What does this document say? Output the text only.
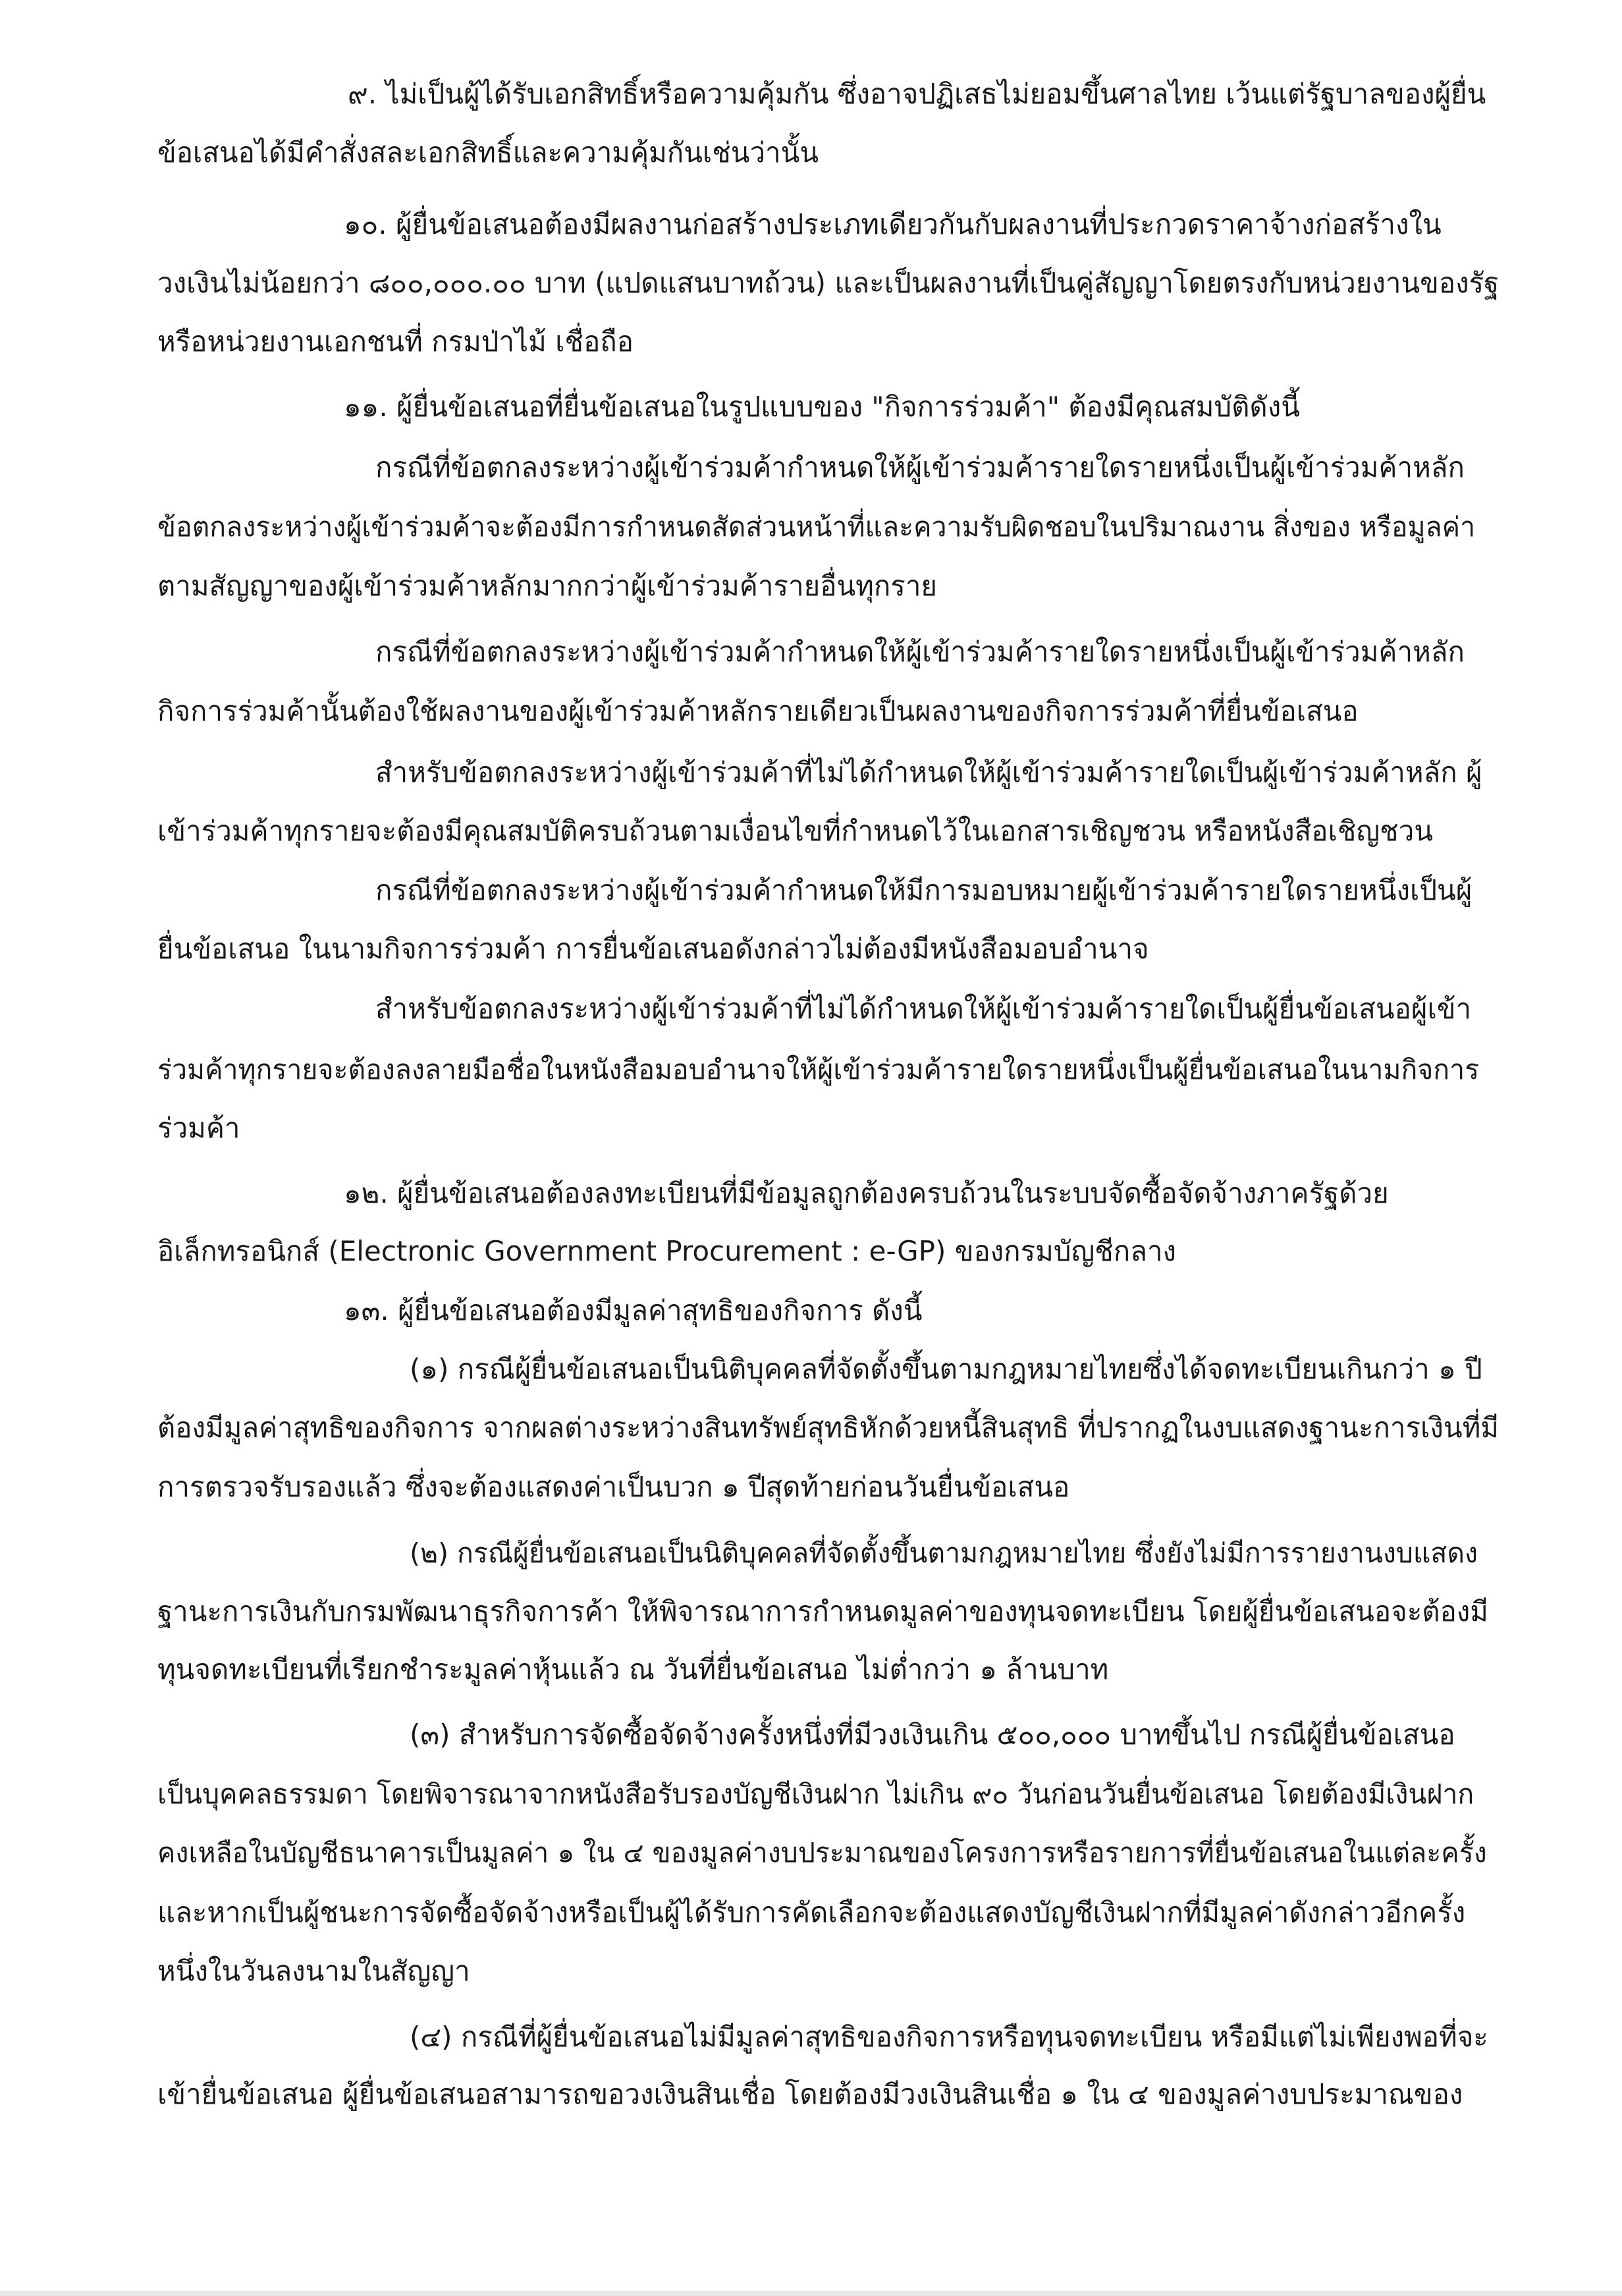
๙. ไม่เป็นผู้ได้รับเอกสิทธิ์หรือความคุ้มกัน ซึ่งอาจปฏิเสธไม่ยอมขึ้นศาลไทย เว้นแต่รัฐบาลของผู้ยื่น

ข้อเสนอได้มีคำสั่งสละเอกสิทธิ์และความคุ้มกันเช่นว่านั้น

๑๐. ผู้ยื่นข้อเสนอต้องมีผลงานก่อสร้างประเภทเดียวกันกับผลงานที่ประกวดราคาจ้างก่อสร้างใน

วงเงินไม่น้อยกว่า ๘๐๐,๐๐๐.๐๐ บาท (แปดแสนบาทถ้วน) และเป็นผลงานที่เป็นคู่สัญญาโดยตรงกับหน่วยงานของรัฐ

หรือหน่วยงานเอกชนที่ กรมป่าไม้ เชื่อถือ

๑๑. ผู้ยื่นข้อเสนอที่ยื่นข้อเสนอในรูปแบบของ "กิจการร่วมค้า" ต้องมีคุณสมบัติดังนี้

กรณีที่ข้อตกลงระหว่างผู้เข้าร่วมค้ากำหนดให้ผู้เข้าร่วมค้ารายใดรายหนึ่งเป็นผู้เข้าร่วมค้าหลัก

ข้อตกลงระหว่างผู้เข้าร่วมค้าจะต้องมีการกำหนดสัดส่วนหน้าที่และความรับผิดชอบในปริมาณงาน สิ่งของ หรือมูลค่า

ตามสัญญาของผู้เข้าร่วมค้าหลักมากกว่าผู้เข้าร่วมค้ารายอื่นทุกราย

กรณีที่ข้อตกลงระหว่างผู้เข้าร่วมค้ากำหนดให้ผู้เข้าร่วมค้ารายใดรายหนึ่งเป็นผู้เข้าร่วมค้าหลัก

กิจการร่วมค้านั้นต้องใช้ผลงานของผู้เข้าร่วมค้าหลักรายเดียวเป็นผลงานของกิจการร่วมค้าที่ยื่นข้อเสนอ

สำหรับข้อตกลงระหว่างผู้เข้าร่วมค้าที่ไม่ได้กำหนดให้ผู้เข้าร่วมค้ารายใดเป็นผู้เข้าร่วมค้าหลัก ผู้

เข้าร่วมค้าทุกรายจะต้องมีคุณสมบัติครบถ้วนตามเงื่อนไขที่กำหนดไว้ในเอกสารเชิญชวน หรือหนังสือเชิญชวน

กรณีที่ข้อตกลงระหว่างผู้เข้าร่วมค้ากำหนดให้มีการมอบหมายผู้เข้าร่วมค้ารายใดรายหนึ่งเป็นผู้

ยื่นข้อเสนอ ในนามกิจการร่วมค้า การยื่นข้อเสนอดังกล่าวไม่ต้องมีหนังสือมอบอำนาจ

สำหรับข้อตกลงระหว่างผู้เข้าร่วมค้าที่ไม่ได้กำหนดให้ผู้เข้าร่วมค้ารายใดเป็นผู้ยื่นข้อเสนอผู้เข้า

ร่วมค้าทุกรายจะต้องลงลายมือชื่อในหนังสือมอบอำนาจให้ผู้เข้าร่วมค้ารายใดรายหนึ่งเป็นผู้ยื่นข้อเสนอในนามกิจการ

ร่วมค้า

๑๒. ผู้ยื่นข้อเสนอต้องลงทะเบียนที่มีข้อมูลถูกต้องครบถ้วนในระบบจัดซื้อจัดจ้างภาครัฐด้วย

อิเล็กทรอนิกส์ (Electronic Government Procurement : e-GP) ของกรมบัญชีกลาง

๑๓. ผู้ยื่นข้อเสนอต้องมีมูลค่าสุทธิของกิจการ ดังนี้

(๑) กรณีผู้ยื่นข้อเสนอเป็นนิติบุคคลที่จัดตั้งขึ้นตามกฎหมายไทยซึ่งได้จดทะเบียนเกินกว่า ๑ ปี

ต้องมีมูลค่าสุทธิของกิจการ จากผลต่างระหว่างสินทรัพย์สุทธิหักด้วยหนี้สินสุทธิ ที่ปรากฏในงบแสดงฐานะการเงินที่มี

การตรวจรับรองแล้ว ซึ่งจะต้องแสดงค่าเป็นบวก ๑ ปีสุดท้ายก่อนวันยื่นข้อเสนอ

(๒) กรณีผู้ยื่นข้อเสนอเป็นนิติบุคคลที่จัดตั้งขึ้นตามกฎหมายไทย ซึ่งยังไม่มีการรายงานงบแสดง

ฐานะการเงินกับกรมพัฒนาธุรกิจการค้า ให้พิจารณาการกำหนดมูลค่าของทุนจดทะเบียน โดยผู้ยื่นข้อเสนอจะต้องมี

ทุนจดทะเบียนที่เรียกชำระมูลค่าหุ้นแล้ว ณ วันที่ยื่นข้อเสนอ ไม่ต่ำกว่า ๑ ล้านบาท

(๓) สำหรับการจัดซื้อจัดจ้างครั้งหนึ่งที่มีวงเงินเกิน ๕๐๐,๐๐๐ บาทขึ้นไป กรณีผู้ยื่นข้อเสนอ

เป็นบุคคลธรรมดา โดยพิจารณาจากหนังสือรับรองบัญชีเงินฝาก ไม่เกิน ๙๐ วันก่อนวันยื่นข้อเสนอ โดยต้องมีเงินฝาก

คงเหลือในบัญชีธนาคารเป็นมูลค่า ๑ ใน ๔ ของมูลค่างบประมาณของโครงการหรือรายการที่ยื่นข้อเสนอในแต่ละครั้ง

และหากเป็นผู้ชนะการจัดซื้อจัดจ้างหรือเป็นผู้ได้รับการคัดเลือกจะต้องแสดงบัญชีเงินฝากที่มีมูลค่าดังกล่าวอีกครั้ง

หนึ่งในวันลงนามในสัญญา

(๔) กรณีที่ผู้ยื่นข้อเสนอไม่มีมูลค่าสุทธิของกิจการหรือทุนจดทะเบียน หรือมีแต่ไม่เพียงพอที่จะ

เข้ายื่นข้อเสนอ ผู้ยื่นข้อเสนอสามารถขอวงเงินสินเชื่อ โดยต้องมีวงเงินสินเชื่อ ๑ ใน ๔ ของมูลค่างบประมาณของ
